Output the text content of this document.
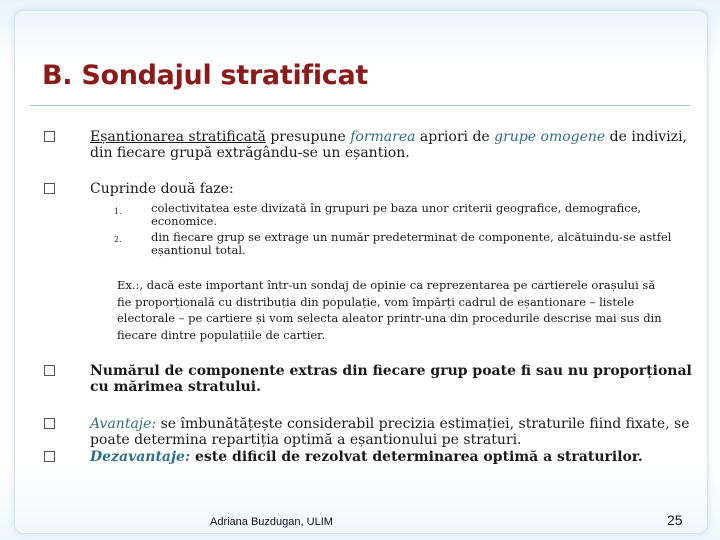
B. Sondajul stratificat
Eșantionarea stratificată presupune formarea apriori de grupe omogene de indivizi, din fiecare grupă extrăgându-se un eșantion.
Cuprinde două faze:
1.	colectivitatea este divizată în grupuri pe baza unor criterii geografice, demografice, economice.
2.	din fiecare grup se extrage un număr predeterminat de componente, alcătuindu-se astfel eșantionul total.
Ex.:, dacă este important într-un sondaj de opinie ca reprezentarea pe cartierele orașului să fie proporțională cu distribuția din populație, vom împărți cadrul de eșantionare – listele electorale – pe cartiere și vom selecta aleator printr-una din procedurile descrise mai sus din fiecare dintre populațiile de cartier.
Numărul de componente extras din fiecare grup poate fi sau nu proporțional cu mărimea stratului.
Avantaje: se îmbunătățește considerabil precizia estimației, straturile fiind fixate, se poate determina repartiția optimă a eșantionului pe straturi.
Dezavantaje: este dificil de rezolvat determinarea optimă a straturilor.
Adriana Buzdugan, ULIM	25
